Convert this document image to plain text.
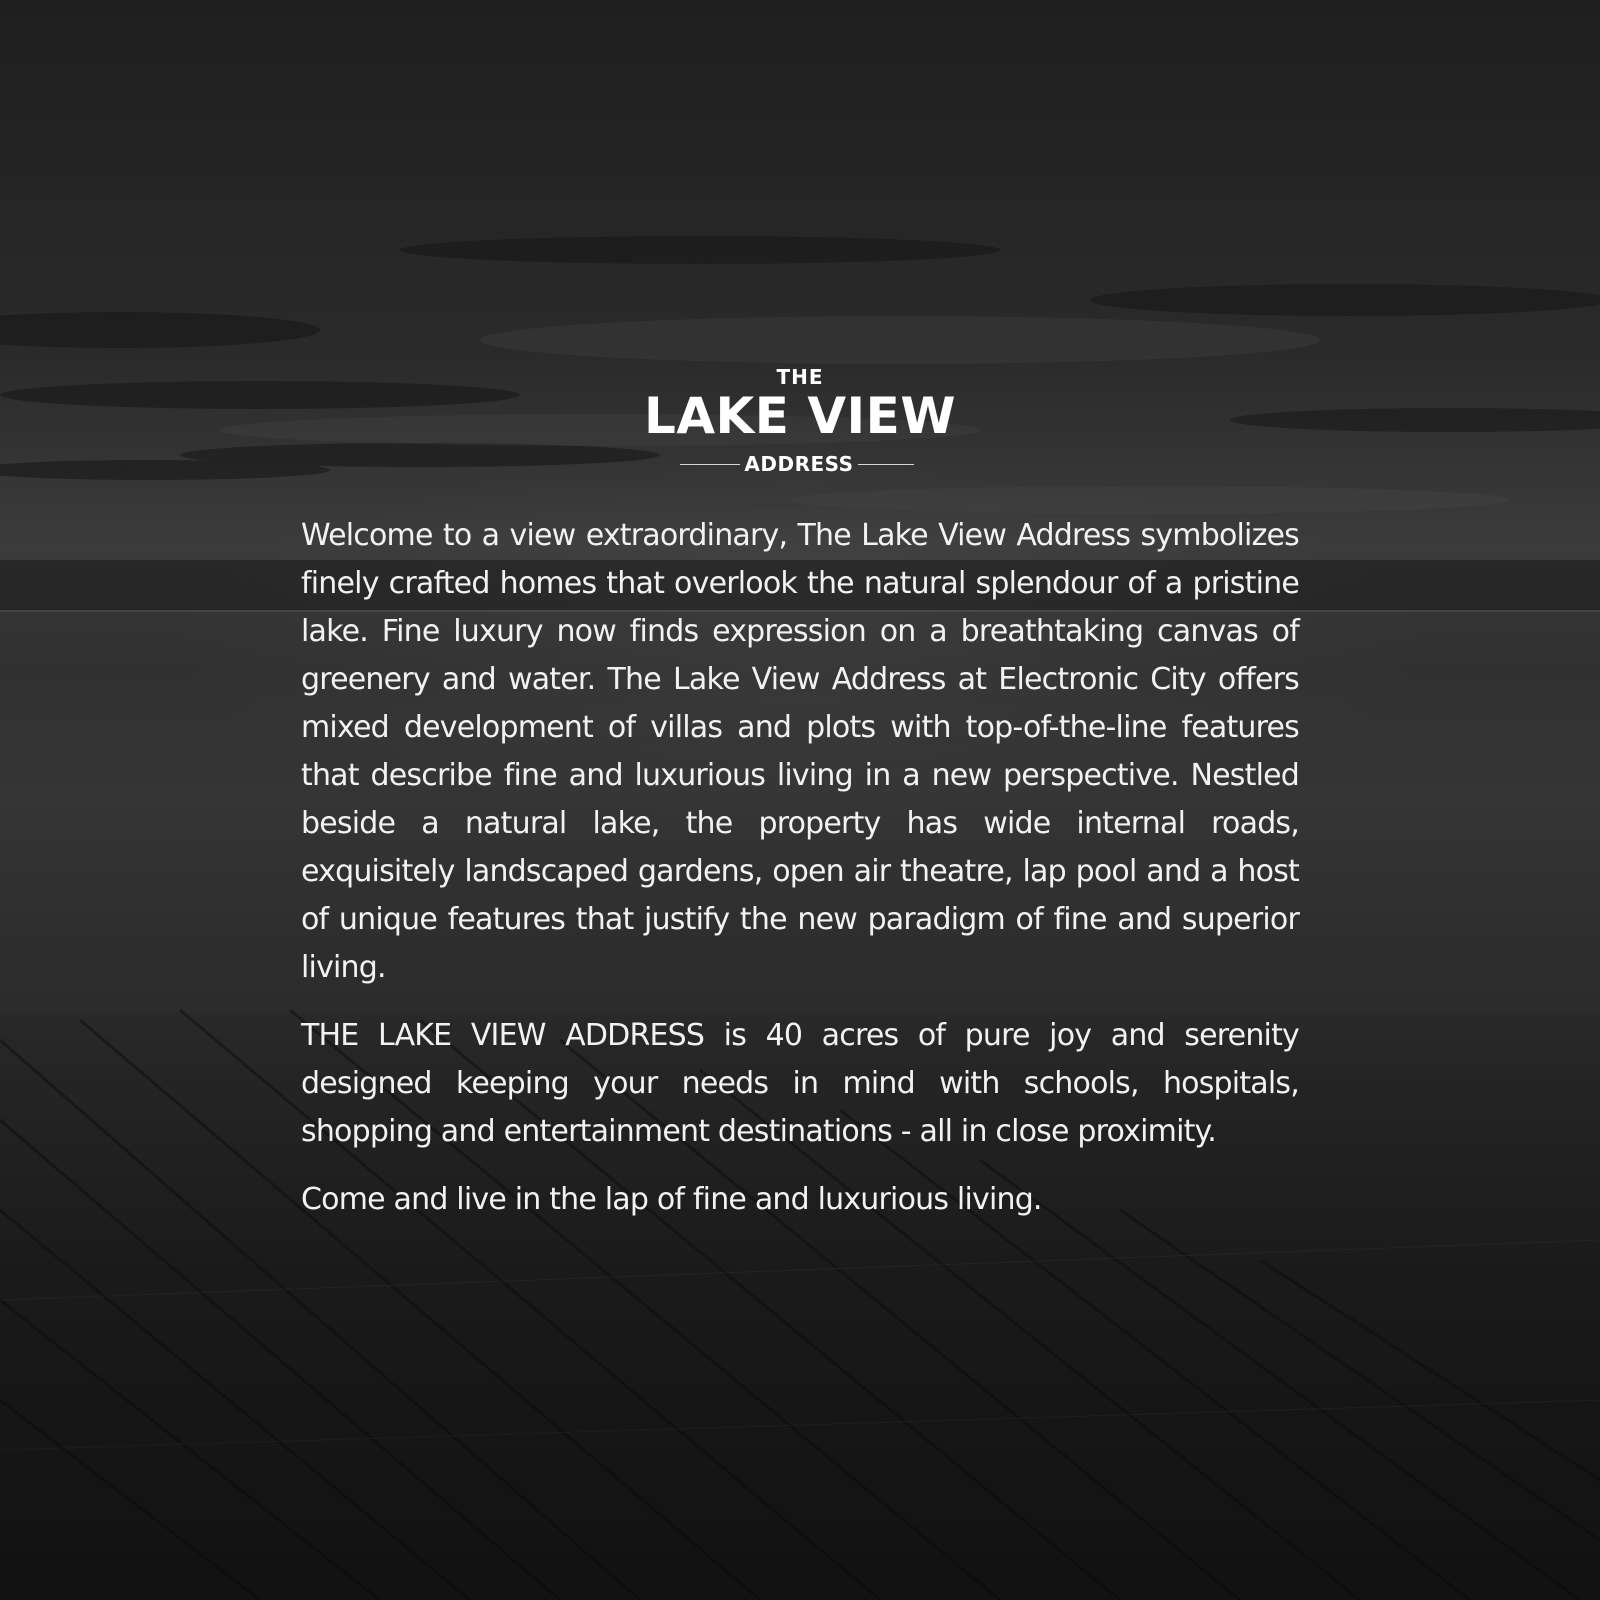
THE
LAKE VIEW
ADDRESS

Welcome to a view extraordinary, The Lake View Address symbolizes finely crafted homes that overlook the natural splendour of a pristine lake. Fine luxury now finds expression on a breathtaking canvas of greenery and water. The Lake View Address at Electronic City offers mixed development of villas and plots with top-of-the-line features that describe fine and luxurious living in a new perspective. Nestled beside a natural lake, the property has wide internal roads, exquisitely landscaped gardens, open air theatre, lap pool and a host of unique features that justify the new paradigm of fine and superior living.

THE LAKE VIEW ADDRESS is 40 acres of pure joy and serenity designed keeping your needs in mind with schools, hospitals, shopping and entertainment destinations - all in close proximity.

Come and live in the lap of fine and luxurious living.
